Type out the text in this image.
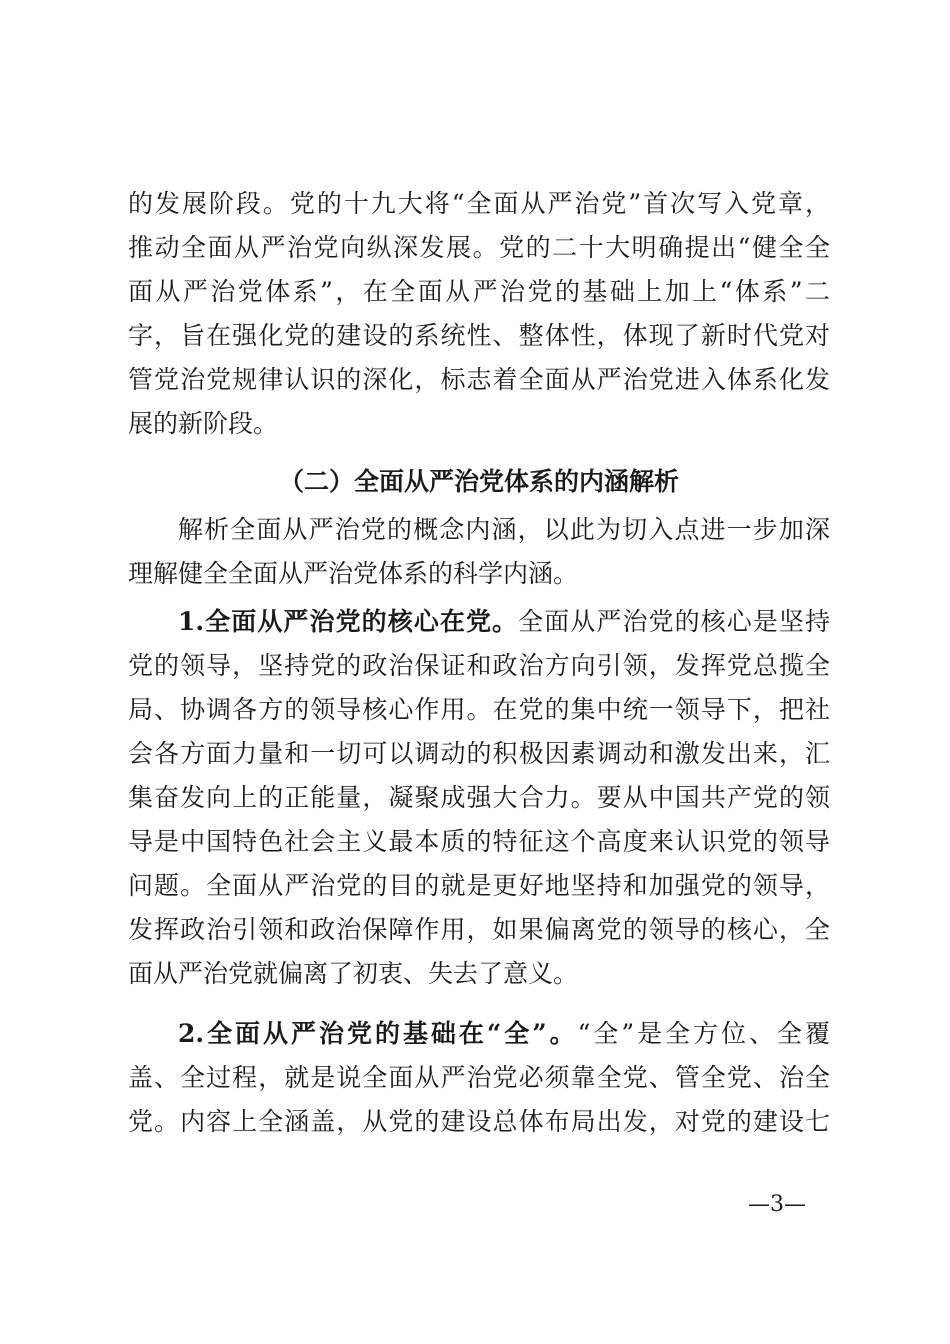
的发展阶段。党的十九大将“全面从严治党”首次写入党章，
推动全面从严治党向纵深发展。党的二十大明确提出“健全全
面从严治党体系”，在全面从严治党的基础上加上“体系”二
字，旨在强化党的建设的系统性、整体性，体现了新时代党对
管党治党规律认识的深化，标志着全面从严治党进入体系化发
展的新阶段。
（二）全面从严治党体系的内涵解析
解析全面从严治党的概念内涵，以此为切入点进一步加深
理解健全全面从严治党体系的科学内涵。
1.全面从严治党的核心在党。全面从严治党的核心是坚持
党的领导，坚持党的政治保证和政治方向引领，发挥党总揽全
局、协调各方的领导核心作用。在党的集中统一领导下，把社
会各方面力量和一切可以调动的积极因素调动和激发出来，汇
集奋发向上的正能量，凝聚成强大合力。要从中国共产党的领
导是中国特色社会主义最本质的特征这个高度来认识党的领导
问题。全面从严治党的目的就是更好地坚持和加强党的领导，
发挥政治引领和政治保障作用，如果偏离党的领导的核心，全
面从严治党就偏离了初衷、失去了意义。
2.全面从严治党的基础在“全”。“全”是全方位、全覆
盖、全过程，就是说全面从严治党必须靠全党、管全党、治全
党。内容上全涵盖，从党的建设总体布局出发，对党的建设七
—3—
